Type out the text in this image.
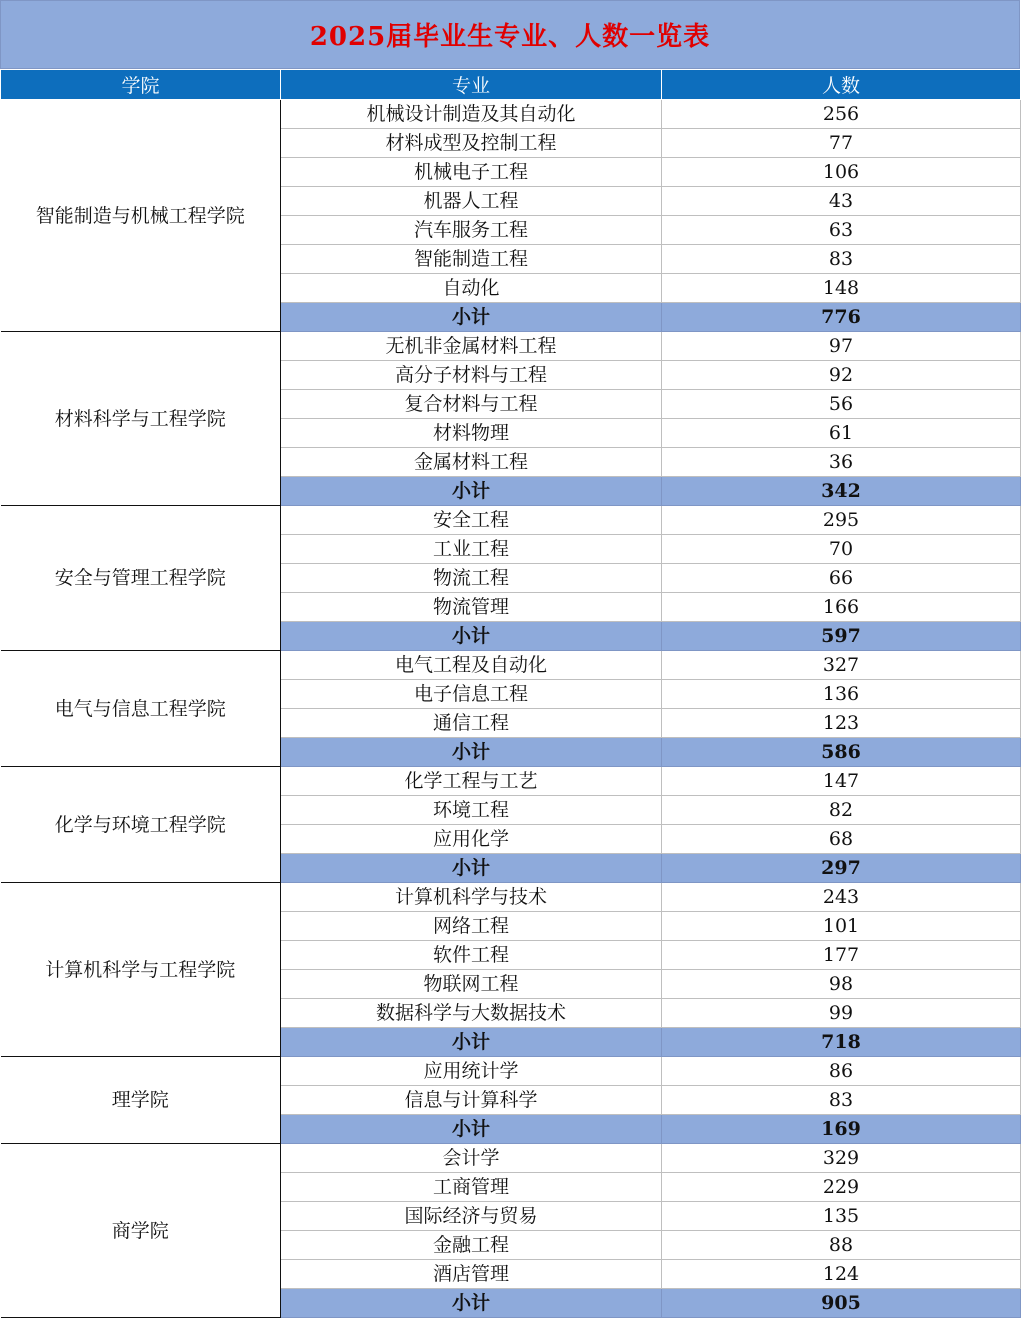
2025届毕业生专业、人数一览表
学院	专业	人数
智能制造与机械工程学院	机械设计制造及其自动化	256
	材料成型及控制工程	77
	机械电子工程	106
	机器人工程	43
	汽车服务工程	63
	智能制造工程	83
	自动化	148
	小计	776
材料科学与工程学院	无机非金属材料工程	97
	高分子材料与工程	92
	复合材料与工程	56
	材料物理	61
	金属材料工程	36
	小计	342
安全与管理工程学院	安全工程	295
	工业工程	70
	物流工程	66
	物流管理	166
	小计	597
电气与信息工程学院	电气工程及自动化	327
	电子信息工程	136
	通信工程	123
	小计	586
化学与环境工程学院	化学工程与工艺	147
	环境工程	82
	应用化学	68
	小计	297
计算机科学与工程学院	计算机科学与技术	243
	网络工程	101
	软件工程	177
	物联网工程	98
	数据科学与大数据技术	99
	小计	718
理学院	应用统计学	86
	信息与计算科学	83
	小计	169
商学院	会计学	329
	工商管理	229
	国际经济与贸易	135
	金融工程	88
	酒店管理	124
	小计	905
